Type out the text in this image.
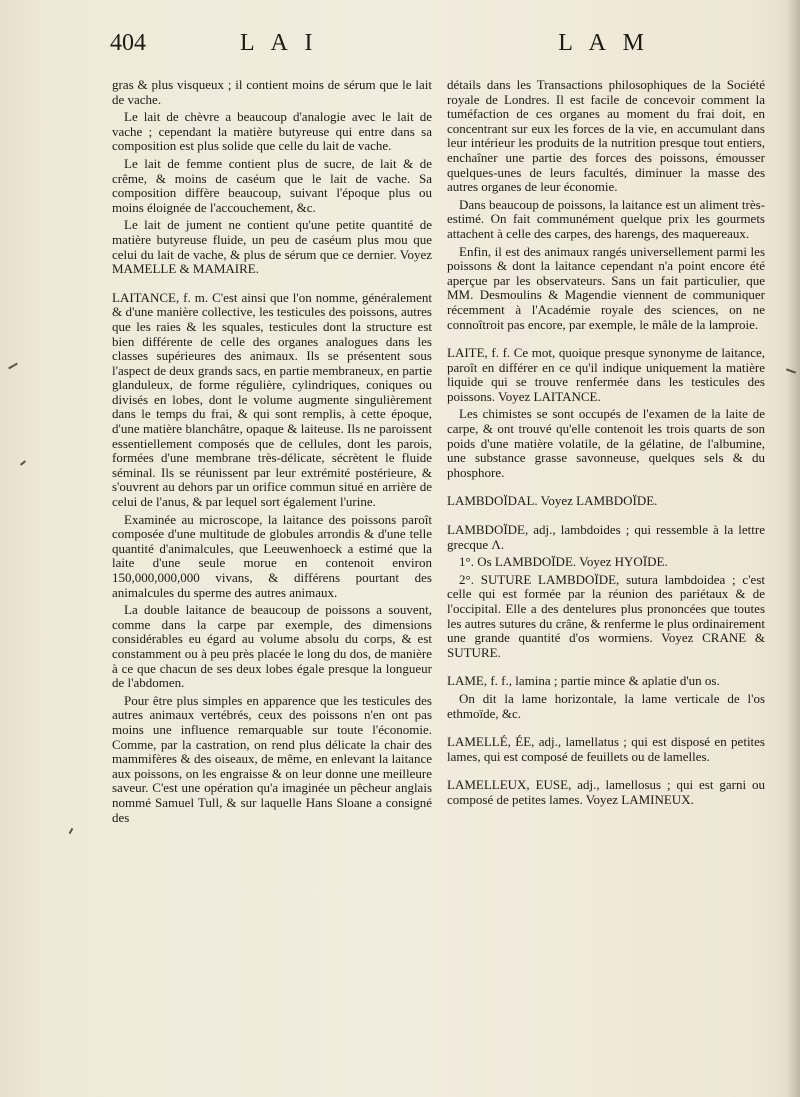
404	L A I	L A M

gras & plus visqueux ; il contient moins de sérum que le lait de vache.

Le lait de chèvre a beaucoup d'analogie avec le lait de vache ; cependant la matière butyreuse qui entre dans sa composition est plus solide que celle du lait de vache.

Le lait de femme contient plus de sucre, de lait & de crême, & moins de caséum que le lait de vache. Sa composition diffère beaucoup, suivant l'époque plus ou moins éloignée de l'accouchement, &c.

Le lait de jument ne contient qu'une petite quantité de matière butyreuse fluide, un peu de caséum plus mou que celui du lait de vache, & plus de sérum que ce dernier. Voyez MAMELLE & MAMAIRE.

LAITANCE, f. m. C'est ainsi que l'on nomme, généralement & d'une manière collective, les testicules des poissons, autres que les raies & les squales, testicules dont la structure est bien différente de celle des organes analogues dans les classes supérieures des animaux. Ils se présentent sous l'aspect de deux grands sacs, en partie membraneux, en partie glanduleux, de forme régulière, cylindriques, coniques ou divisés en lobes, dont le volume augmente singulièrement dans le temps du frai, & qui sont remplis, à cette époque, d'une matière blanchâtre, opaque & laiteuse. Ils ne paroissent essentiellement composés que de cellules, dont les parois, formées d'une membrane très-délicate, sécrètent le fluide séminal. Ils se réunissent par leur extrémité postérieure, & s'ouvrent au dehors par un orifice commun situé en arrière de celui de l'anus, & par lequel sort également l'urine.

Examinée au microscope, la laitance des poissons paroît composée d'une multitude de globules arrondis & d'une telle quantité d'animalcules, que Leeuwenhoeck a estimé que la laite d'une seule morue en contenoit environ 150,000,000,000 vivans, & différens pourtant des animalcules du sperme des autres animaux.

La double laitance de beaucoup de poissons a souvent, comme dans la carpe par exemple, des dimensions considérables eu égard au volume absolu du corps, & est constamment ou à peu près placée le long du dos, de manière à ce que chacun de ses deux lobes égale presque la longueur de l'abdomen.

Pour être plus simples en apparence que les testicules des autres animaux vertébrés, ceux des poissons n'en ont pas moins une influence remarquable sur toute l'économie. Comme, par la castration, on rend plus délicate la chair des mammifères & des oiseaux, de même, en enlevant la laitance aux poissons, on les engraisse & on leur donne une meilleure saveur. C'est une opération qu'a imaginée un pêcheur anglais nommé Samuel Tull, & sur laquelle Hans Sloane a consigné des

détails dans les Transactions philosophiques de la Société royale de Londres. Il est facile de concevoir comment la tuméfaction de ces organes au moment du frai doit, en concentrant sur eux les forces de la vie, en accumulant dans leur intérieur les produits de la nutrition presque tout entiers, enchaîner une partie des forces des poissons, émousser quelques-unes de leurs facultés, diminuer la masse des autres organes de leur économie.

Dans beaucoup de poissons, la laitance est un aliment très-estimé. On fait communément quelque prix les gourmets attachent à celle des carpes, des harengs, des maquereaux.

Enfin, il est des animaux rangés universellement parmi les poissons & dont la laitance cependant n'a point encore été aperçue par les observateurs. Sans un fait particulier, que MM. Desmoulins & Magendie viennent de communiquer récemment à l'Académie royale des sciences, on ne connoîtroit pas encore, par exemple, le mâle de la lamproie.

LAITE, f. f. Ce mot, quoique presque synonyme de laitance, paroît en différer en ce qu'il indique uniquement la matière liquide qui se trouve renfermée dans les testicules des poissons. Voyez LAITANCE.

Les chimistes se sont occupés de l'examen de la laite de carpe, & ont trouvé qu'elle contenoit les trois quarts de son poids d'une matière volatile, de la gélatine, de l'albumine, une substance grasse savonneuse, quelques sels & du phosphore.

LAMBDOÏDAL. Voyez LAMBDOÏDE.

LAMBDOÏDE, adj., lambdoides ; qui ressemble à la lettre grecque Λ.

1°. Os LAMBDOÏDE. Voyez HYOÏDE.

2°. SUTURE LAMBDOÏDE, sutura lambdoidea ; c'est celle qui est formée par la réunion des pariétaux & de l'occipital. Elle a des dentelures plus prononcées que toutes les autres sutures du crâne, & renferme le plus ordinairement une grande quantité d'os wormiens. Voyez CRANE & SUTURE.

LAME, f. f., lamina ; partie mince & aplatie d'un os.

On dit la lame horizontale, la lame verticale de l'os ethmoïde, &c.

LAMELLÉ, ÉE, adj., lamellatus ; qui est disposé en petites lames, qui est composé de feuillets ou de lamelles.

LAMELLEUX, EUSE, adj., lamellosus ; qui est garni ou composé de petites lames. Voyez LAMINEUX.
